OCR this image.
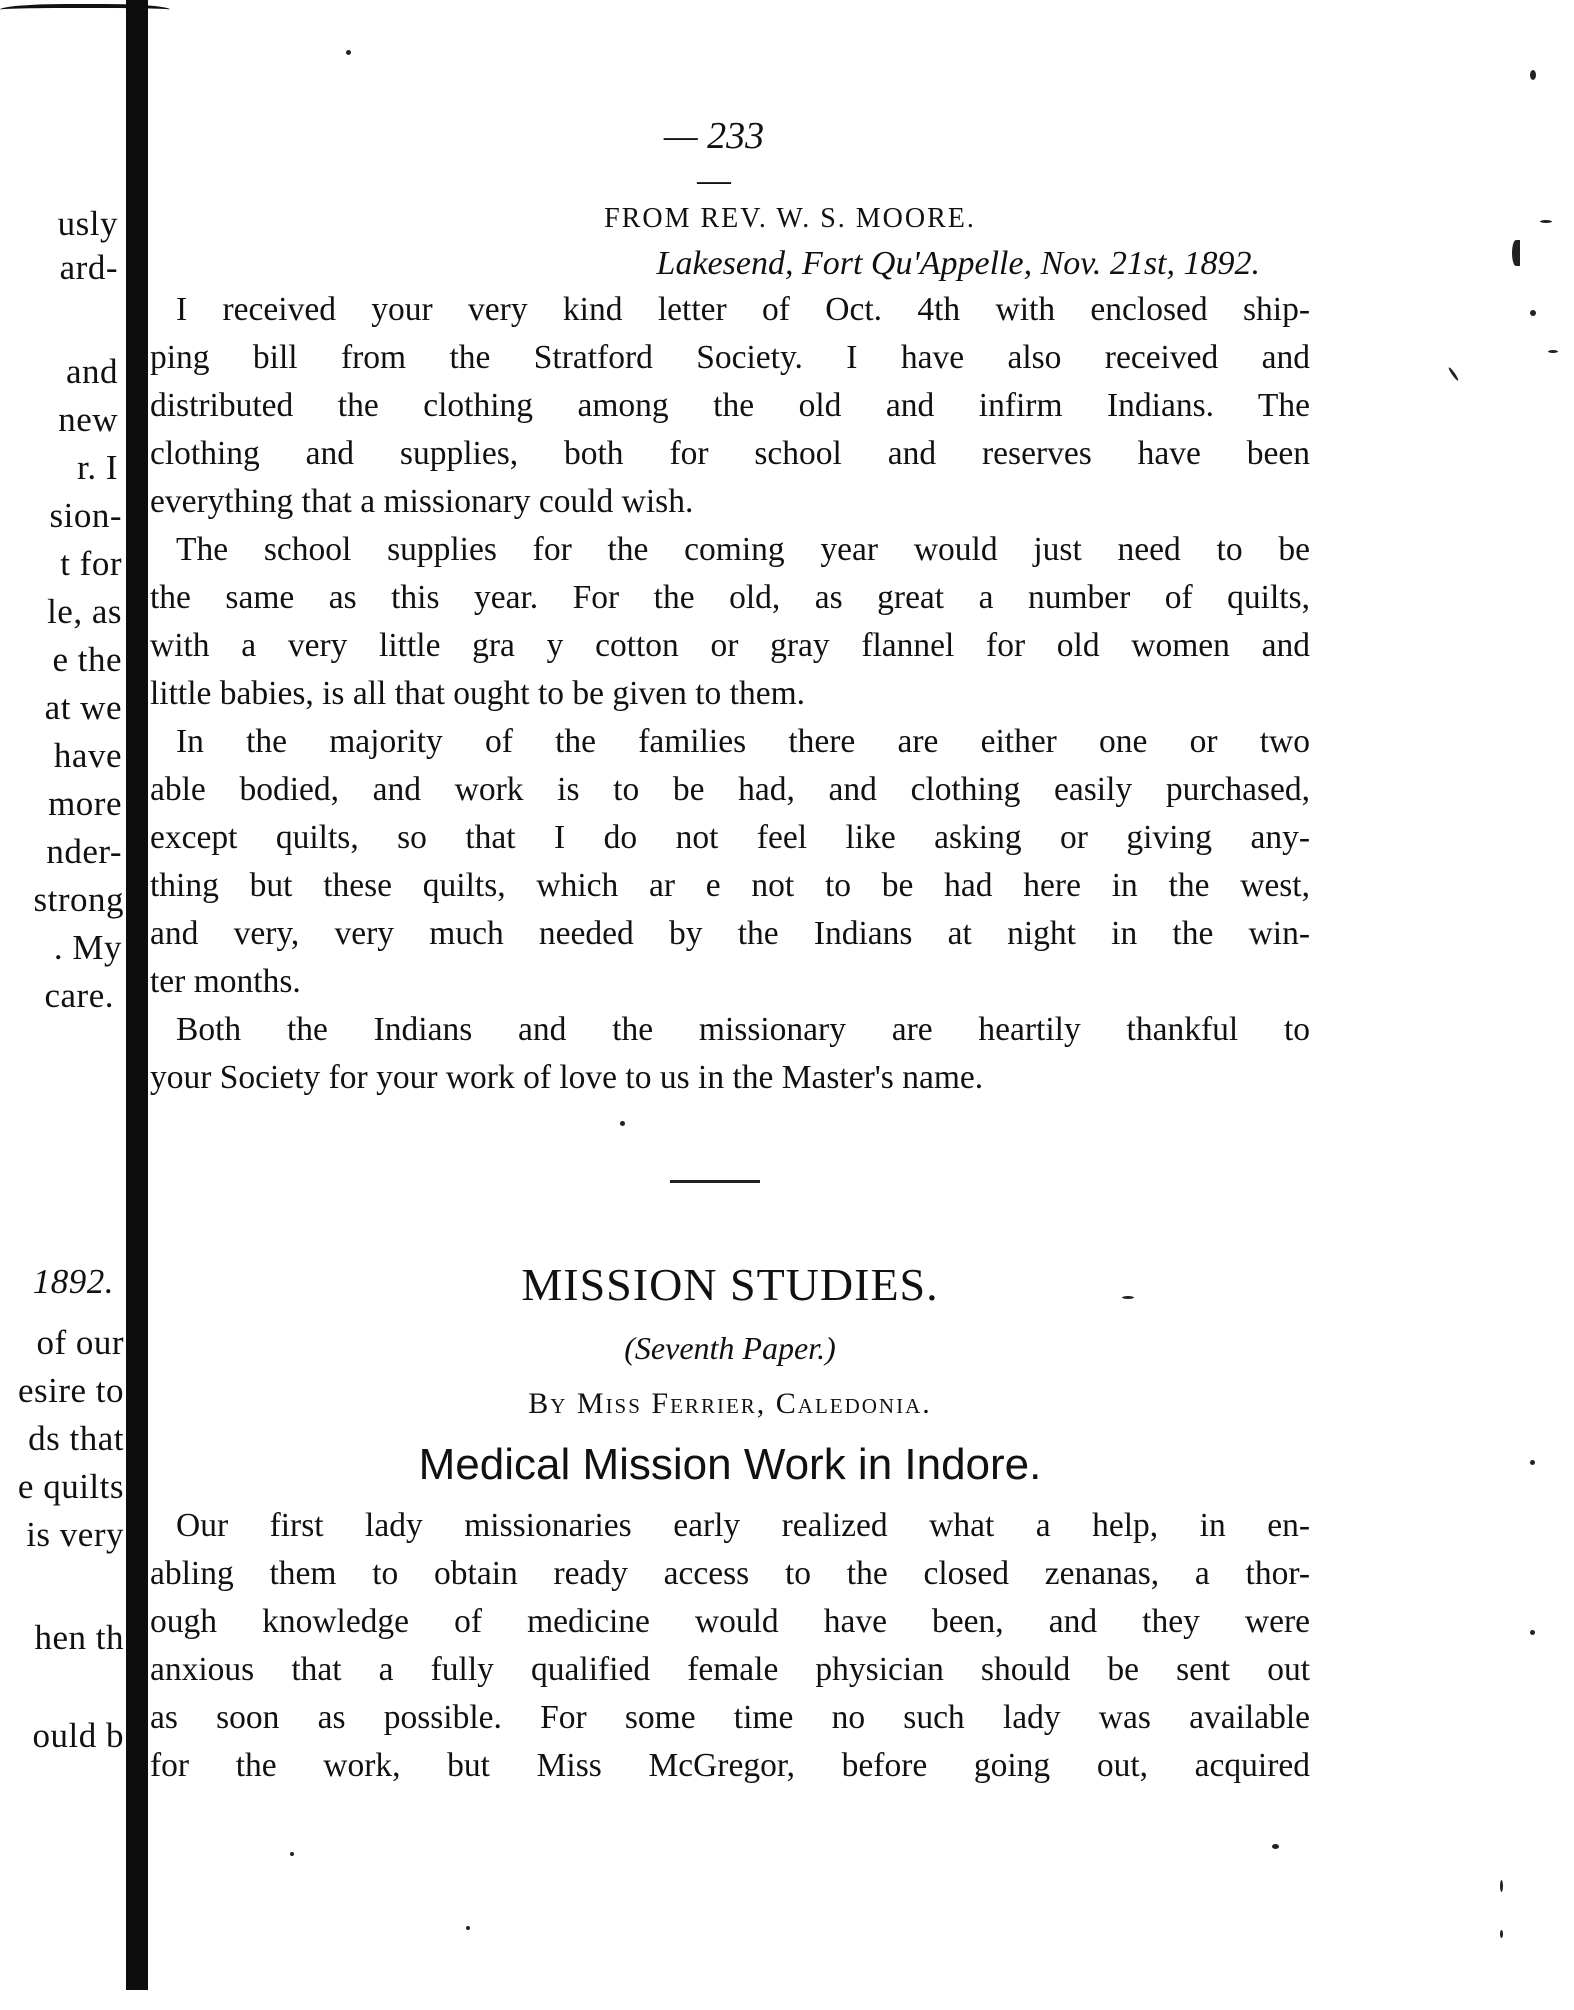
usly
ard-
and
new
r. I
sion-
t for
le, as
e the
at we
have
more
nder-
strong
. My
care.
1892.
of our
esire to
ds that
e quilts
is very
hen th
ould b
— 233 —
FROM REV. W. S. MOORE.
Lakesend, Fort Qu'Appelle, Nov. 21st, 1892.
I received your very kind letter of Oct. 4th with enclosed ship-
ping bill from the Stratford Society. I have also received and
distributed the clothing among the old and infirm Indians. The
clothing and supplies, both for school and reserves have been
everything that a missionary could wish.
The school supplies for the coming year would just need to be
the same as this year. For the old, as great a number of quilts,
with a very little gra y cotton or gray flannel for old women and
little babies, is all that ought to be given to them.
In the majority of the families there are either one or two
able bodied, and work is to be had, and clothing easily purchased,
except quilts, so that I do not feel like asking or giving any-
thing but these quilts, which ar e not to be had here in the west,
and very, very much needed by the Indians at night in the win-
ter months.
Both the Indians and the missionary are heartily thankful to
your Society for your work of love to us in the Master's name.
MISSION STUDIES.
(Seventh Paper.)
By Miss Ferrier, Caledonia.
Medical Mission Work in Indore.
Our first lady missionaries early realized what a help, in en-
abling them to obtain ready access to the closed zenanas, a thor-
ough knowledge of medicine would have been, and they were
anxious that a fully qualified female physician should be sent out
as soon as possible. For some time no such lady was available
for the work, but Miss McGregor, before going out, acquired
